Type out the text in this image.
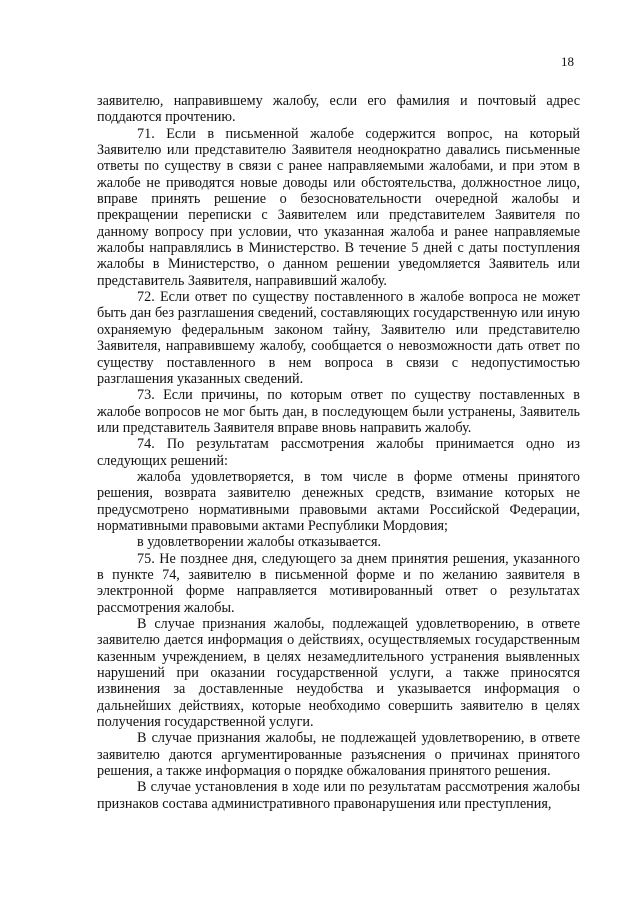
18

заявителю, направившему жалобу, если его фамилия и почтовый адрес поддаются прочтению.

71. Если в письменной жалобе содержится вопрос, на который Заявителю или представителю Заявителя неоднократно давались письменные ответы по существу в связи с ранее направляемыми жалобами, и при этом в жалобе не приводятся новые доводы или обстоятельства, должностное лицо, вправе принять решение о безосновательности очередной жалобы и прекращении переписки с Заявителем или представителем Заявителя по данному вопросу при условии, что указанная жалоба и ранее направляемые жалобы направлялись в Министерство. В течение 5 дней с даты поступления жалобы в Министерство, о данном решении уведомляется Заявитель или представитель Заявителя, направивший жалобу.

72. Если ответ по существу поставленного в жалобе вопроса не может быть дан без разглашения сведений, составляющих государственную или иную охраняемую федеральным законом тайну, Заявителю или представителю Заявителя, направившему жалобу, сообщается о невозможности дать ответ по существу поставленного в нем вопроса в связи с недопустимостью разглашения указанных сведений.

73. Если причины, по которым ответ по существу поставленных в жалобе вопросов не мог быть дан, в последующем были устранены, Заявитель или представитель Заявителя вправе вновь направить жалобу.

74. По результатам рассмотрения жалобы принимается одно из следующих решений:

жалоба удовлетворяется, в том числе в форме отмены принятого решения, возврата заявителю денежных средств, взимание которых не предусмотрено нормативными правовыми актами Российской Федерации, нормативными правовыми актами Республики Мордовия;

в удовлетворении жалобы отказывается.

75. Не позднее дня, следующего за днем принятия решения, указанного в пункте 74, заявителю в письменной форме и по желанию заявителя в электронной форме направляется мотивированный ответ о результатах рассмотрения жалобы.

В случае признания жалобы, подлежащей удовлетворению, в ответе заявителю дается информация о действиях, осуществляемых государственным казенным учреждением, в целях незамедлительного устранения выявленных нарушений при оказании государственной услуги, а также приносятся извинения за доставленные неудобства и указывается информация о дальнейших действиях, которые необходимо совершить заявителю в целях получения государственной услуги.

В случае признания жалобы, не подлежащей удовлетворению, в ответе заявителю даются аргументированные разъяснения о причинах принятого решения, а также информация о порядке обжалования принятого решения.

В случае установления в ходе или по результатам рассмотрения жалобы признаков состава административного правонарушения или преступления,
